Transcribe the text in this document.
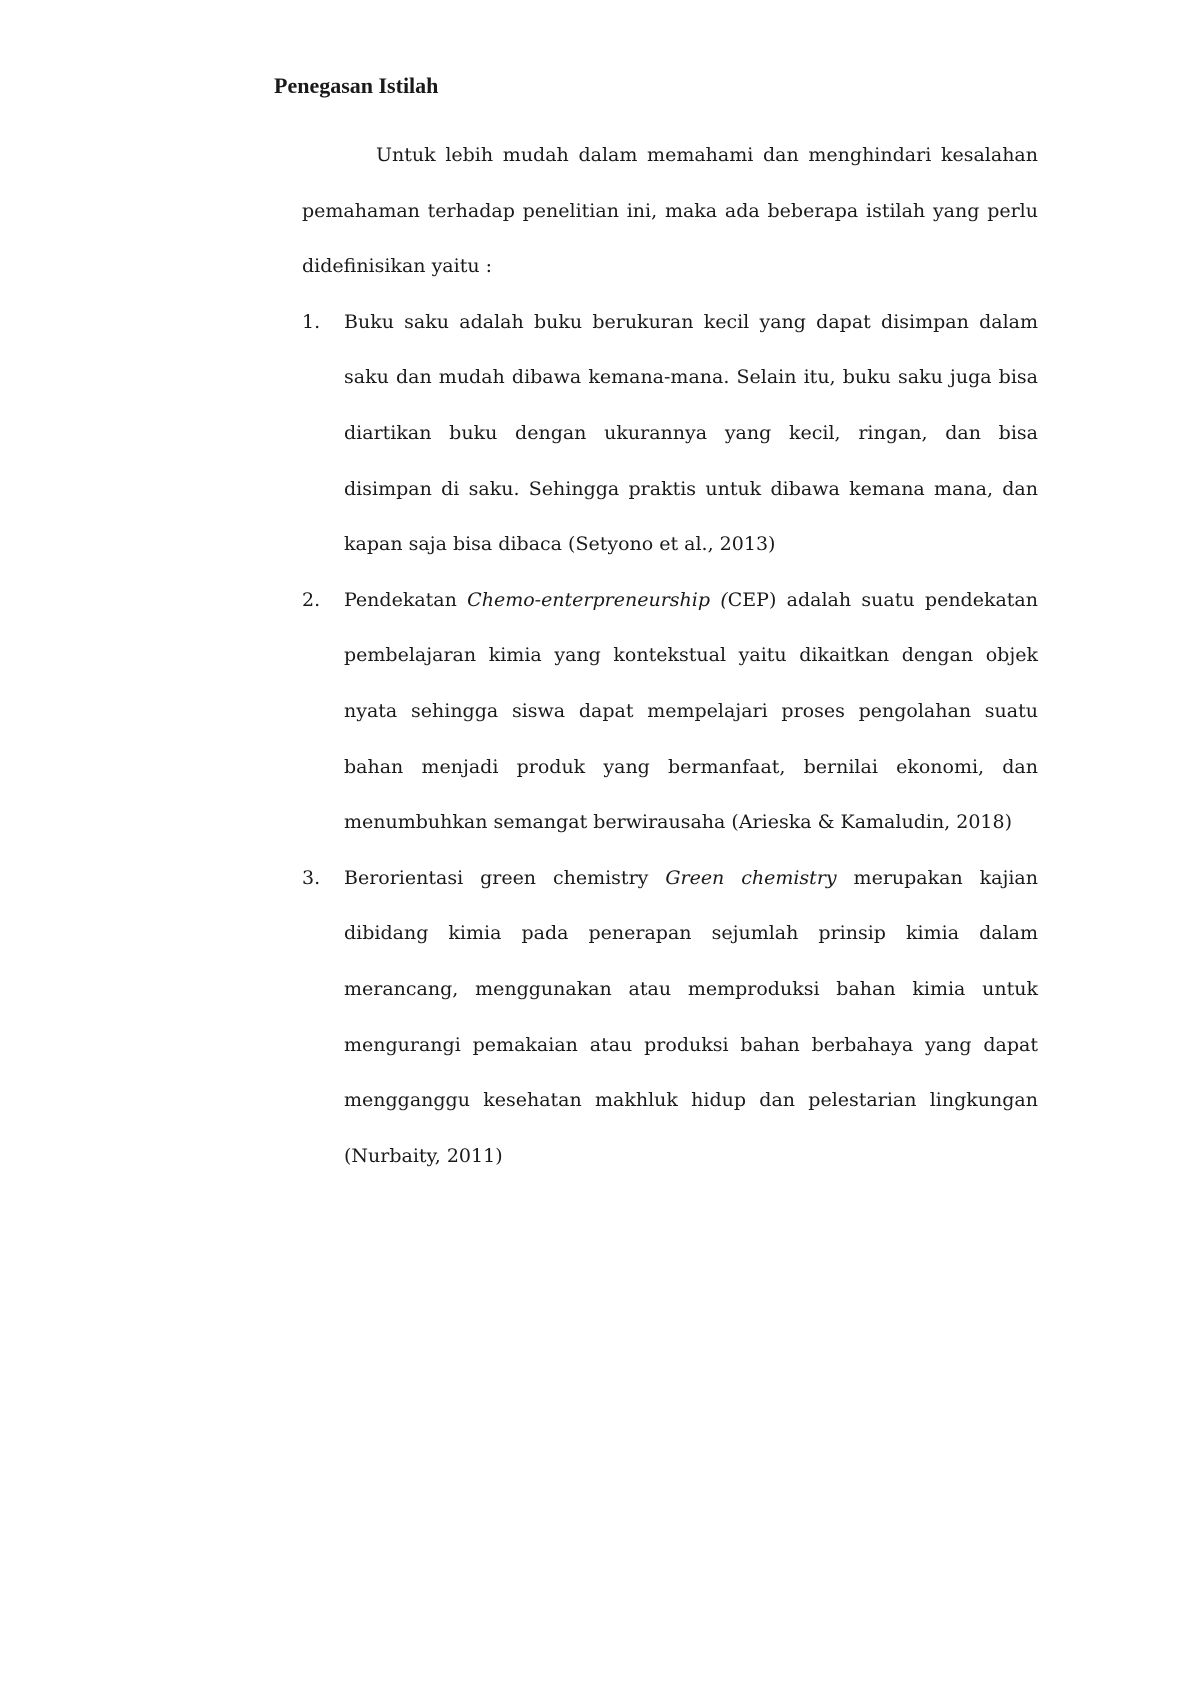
Penegasan Istilah

Untuk lebih mudah dalam memahami dan menghindari kesalahan pemahaman terhadap penelitian ini, maka ada beberapa istilah yang perlu didefinisikan yaitu :

1. Buku saku adalah buku berukuran kecil yang dapat disimpan dalam saku dan mudah dibawa kemana-mana. Selain itu, buku saku juga bisa diartikan buku dengan ukurannya yang kecil, ringan, dan bisa disimpan di saku. Sehingga praktis untuk dibawa kemana mana, dan kapan saja bisa dibaca (Setyono et al., 2013)
2. Pendekatan Chemo-enterpreneurship (CEP) adalah suatu pendekatan pembelajaran kimia yang kontekstual yaitu dikaitkan dengan objek nyata sehingga siswa dapat mempelajari proses pengolahan suatu bahan menjadi produk yang bermanfaat, bernilai ekonomi, dan menumbuhkan semangat berwirausaha (Arieska & Kamaludin, 2018)
3. Berorientasi green chemistry Green chemistry merupakan kajian dibidang kimia pada penerapan sejumlah prinsip kimia dalam merancang, menggunakan atau memproduksi bahan kimia untuk mengurangi pemakaian atau produksi bahan berbahaya yang dapat mengganggu kesehatan makhluk hidup dan pelestarian lingkungan (Nurbaity, 2011)
